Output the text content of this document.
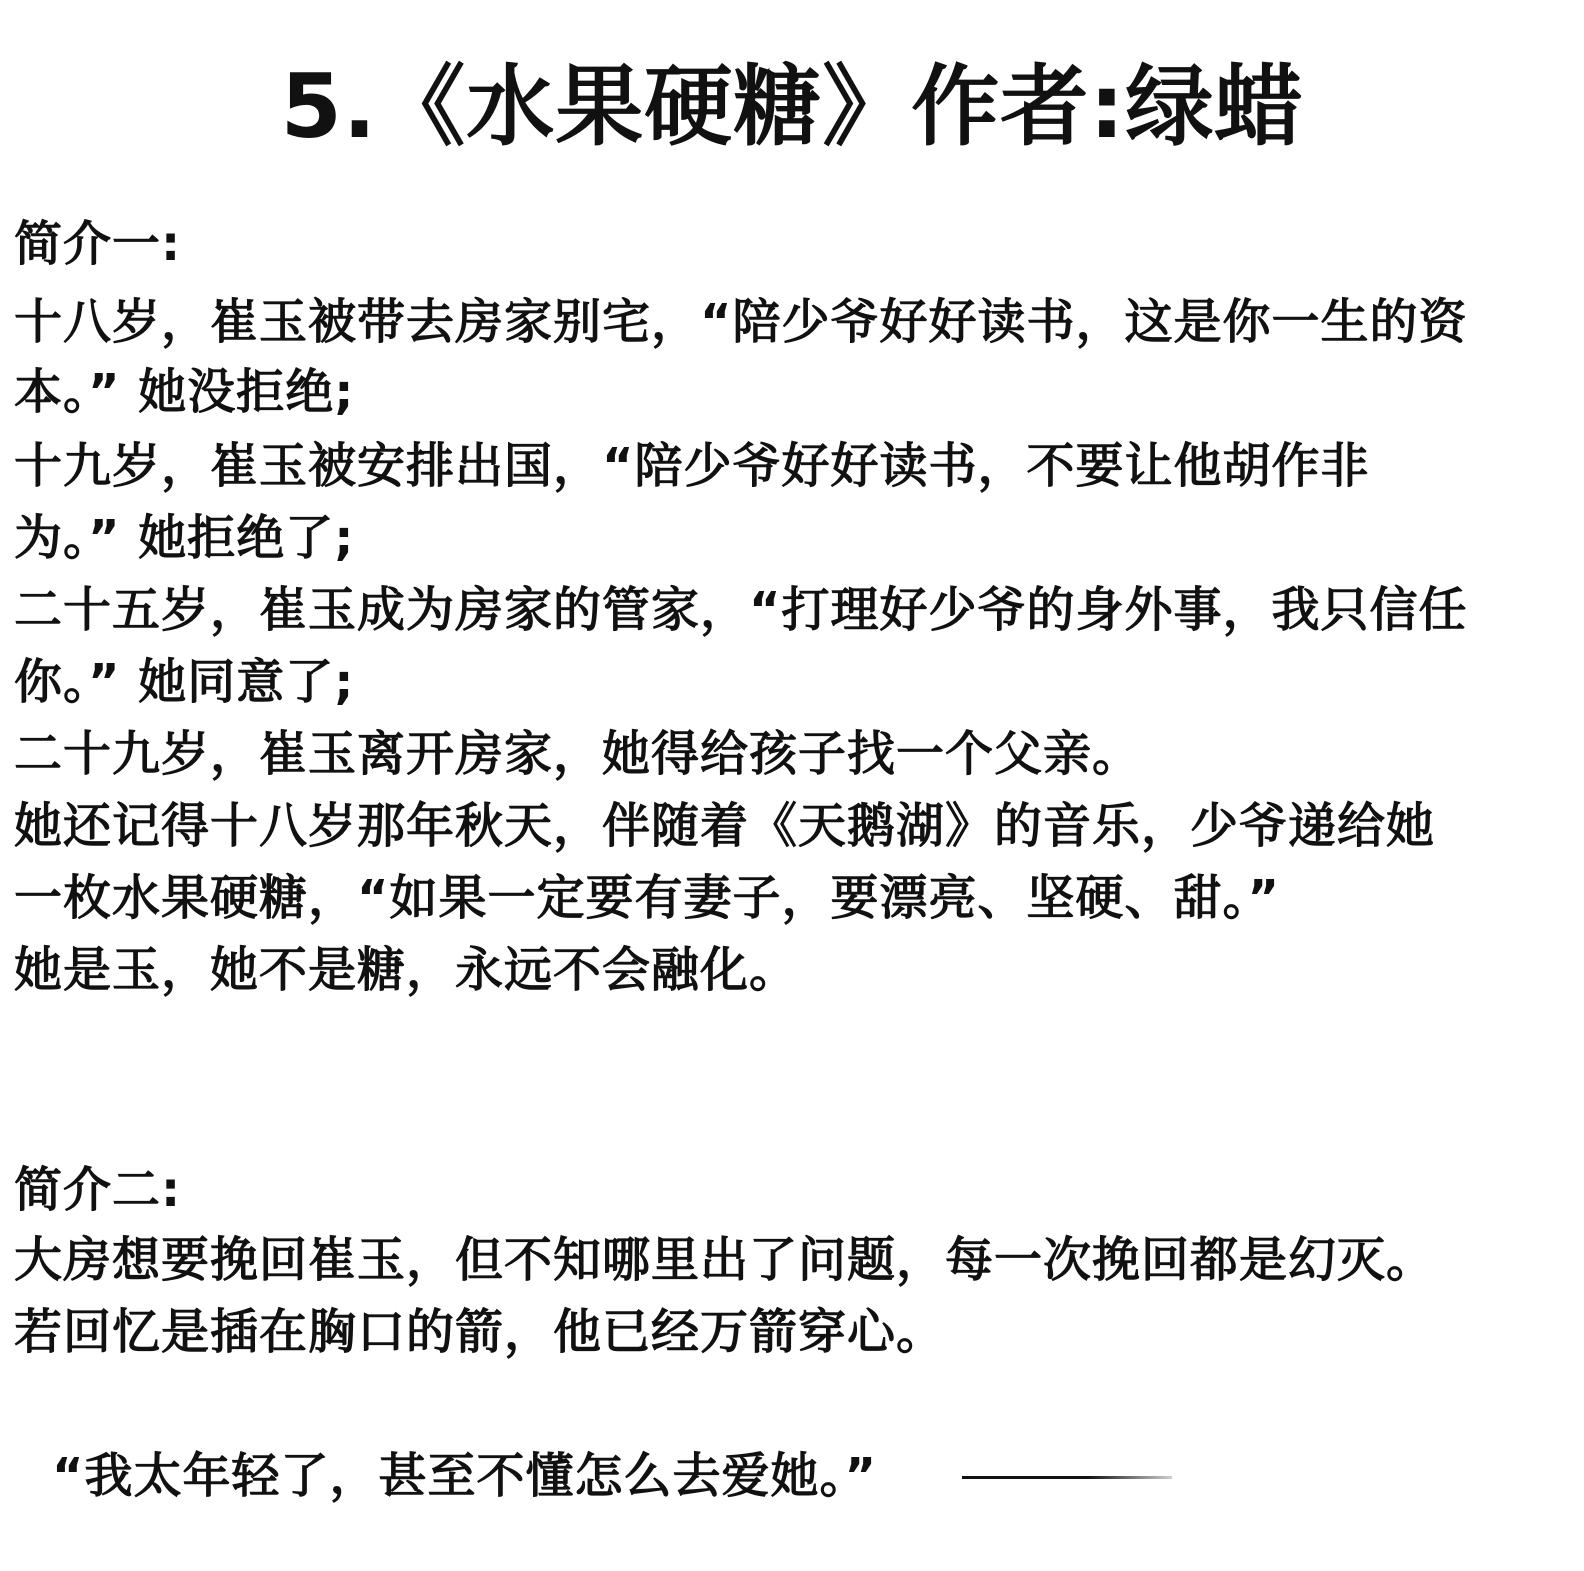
5.《水果硬糖》作者:绿蜡
简介一:
十八岁，崔玉被带去房家别宅，“陪少爷好好读书，这是你一生的资
本。” 她没拒绝;
十九岁，崔玉被安排出国，“陪少爷好好读书，不要让他胡作非
为。” 她拒绝了;
二十五岁，崔玉成为房家的管家，“打理好少爷的身外事，我只信任
你。” 她同意了;
二十九岁，崔玉离开房家，她得给孩子找一个父亲。
她还记得十八岁那年秋天，伴随着《天鹅湖》的音乐，少爷递给她
一枚水果硬糖，“如果一定要有妻子，要漂亮、坚硬、甜。”
她是玉，她不是糖，永远不会融化。
简介二:
大房想要挽回崔玉，但不知哪里出了问题，每一次挽回都是幻灭。
若回忆是插在胸口的箭，他已经万箭穿心。
“我太年轻了，甚至不懂怎么去爱她。”
